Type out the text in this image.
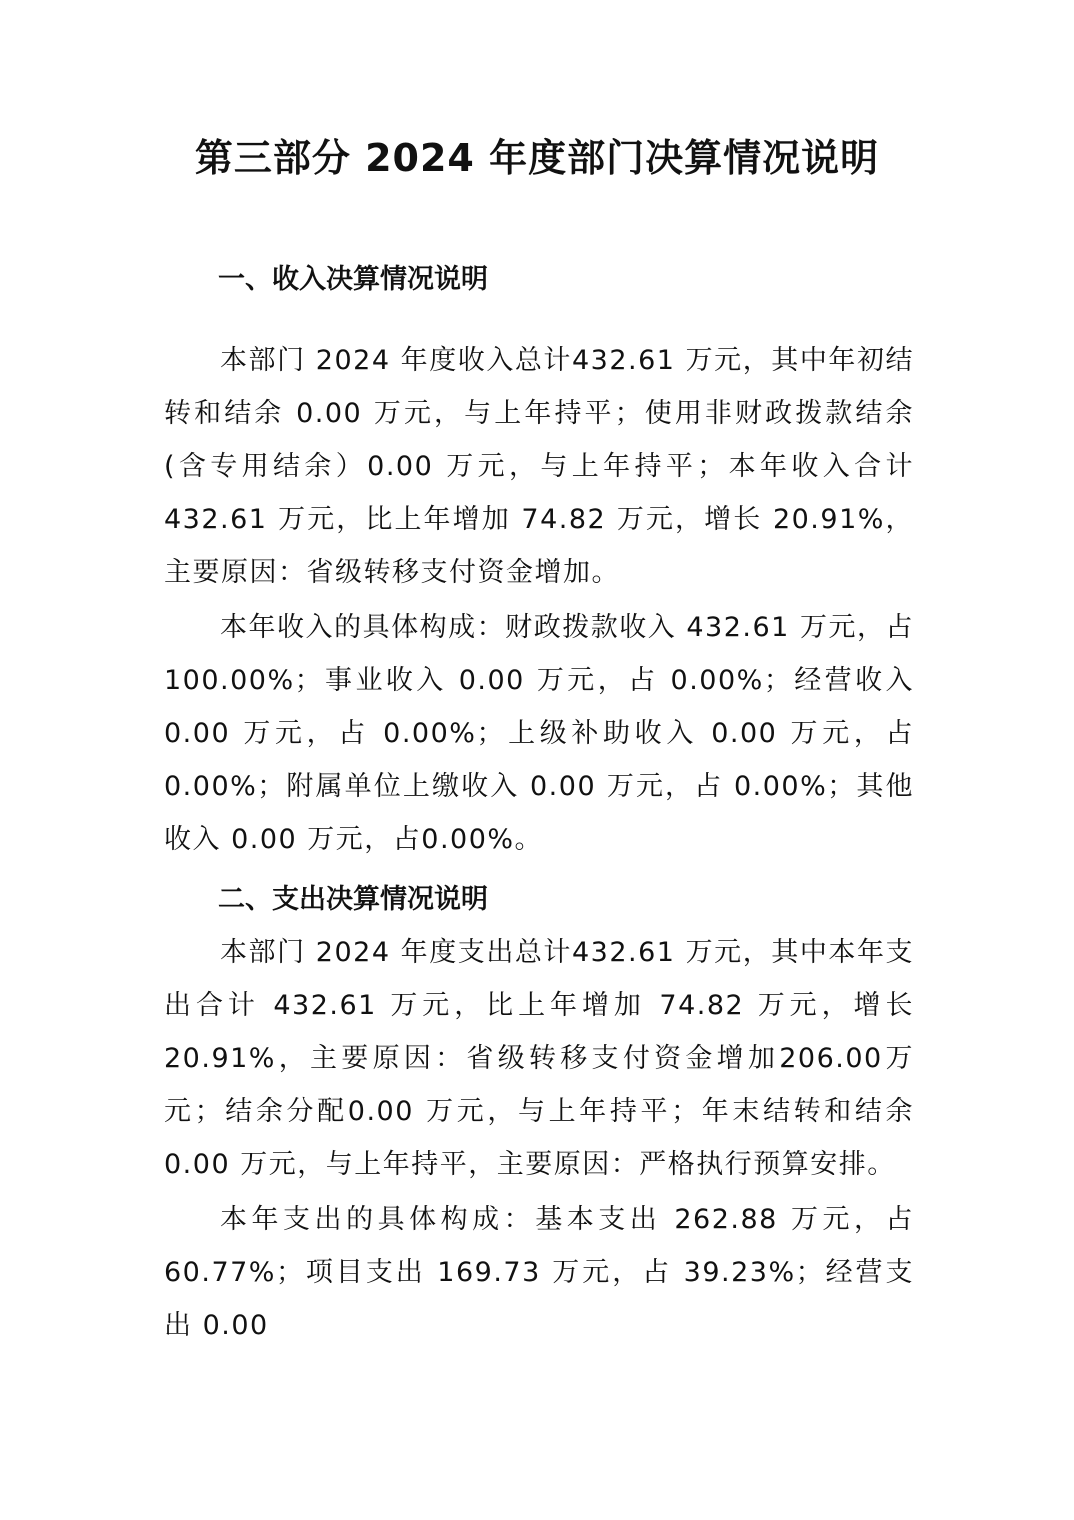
第三部分 2024 年度部门决算情况说明
一、收入决算情况说明

本部门 2024 年度收入总计432.61 万元，其中年初结转和结余 0.00 万元，与上年持平；使用非财政拨款结余(含专用结余）0.00 万元，与上年持平；本年收入合计 432.61 万元，比上年增加 74.82 万元，增长 20.91%，主要原因：省级转移支付资金增加。

本年收入的具体构成：财政拨款收入 432.61 万元，占100.00%；事业收入 0.00 万元，占 0.00%；经营收入 0.00 万元，占 0.00%；上级补助收入 0.00 万元，占 0.00%；附属单位上缴收入 0.00 万元，占 0.00%；其他收入 0.00 万元，占0.00%。

二、支出决算情况说明

本部门 2024 年度支出总计432.61 万元，其中本年支出合计 432.61 万元，比上年增加 74.82 万元，增长 20.91%，主要原因：省级转移支付资金增加206.00万元；结余分配0.00 万元，与上年持平；年末结转和结余 0.00 万元，与上年持平，主要原因：严格执行预算安排。

本年支出的具体构成：基本支出 262.88 万元，占60.77%；项目支出 169.73 万元，占 39.23%；经营支出 0.00
